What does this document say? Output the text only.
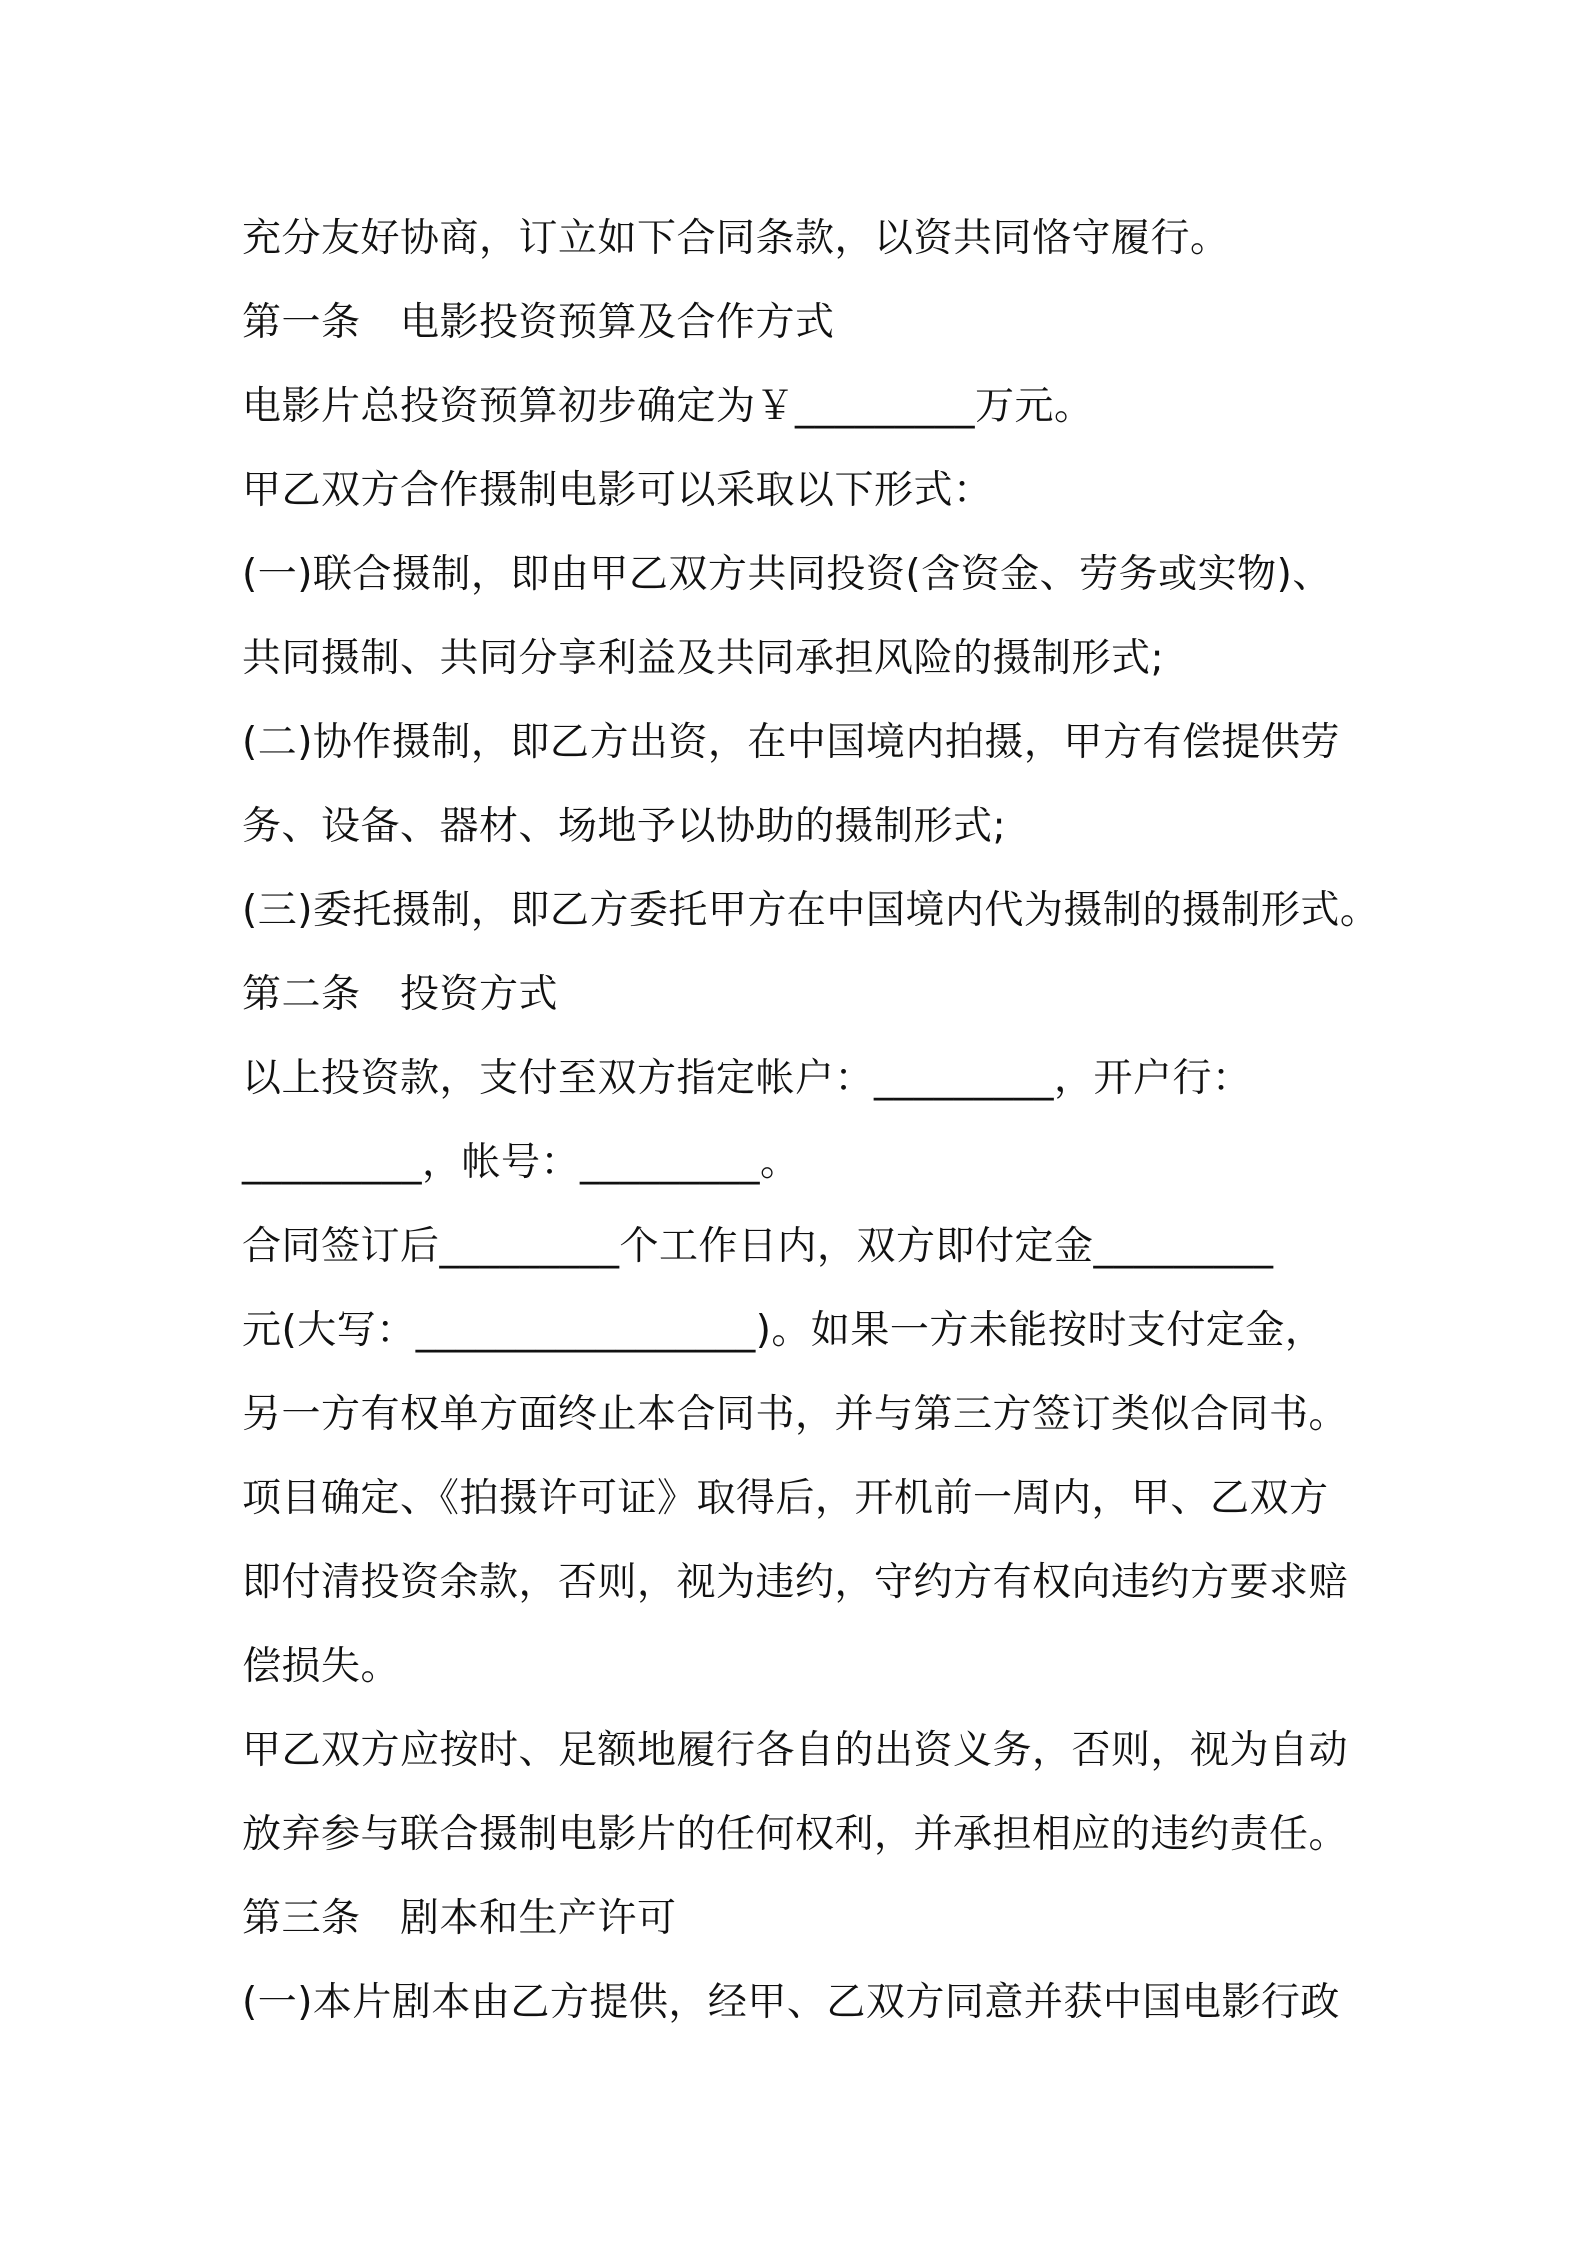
充分友好协商，订立如下合同条款，以资共同恪守履行。
第一条　电影投资预算及合作方式
电影片总投资预算初步确定为￥_________万元。
甲乙双方合作摄制电影可以采取以下形式：
(一)联合摄制，即由甲乙双方共同投资(含资金、劳务或实物)、
共同摄制、共同分享利益及共同承担风险的摄制形式;
(二)协作摄制，即乙方出资，在中国境内拍摄，甲方有偿提供劳
务、设备、器材、场地予以协助的摄制形式;
(三)委托摄制，即乙方委托甲方在中国境内代为摄制的摄制形式。
第二条　投资方式
以上投资款，支付至双方指定帐户：_________，开户行：
_________，帐号：_________。
合同签订后_________个工作日内，双方即付定金_________
元(大写：_________________)。如果一方未能按时支付定金，
另一方有权单方面终止本合同书，并与第三方签订类似合同书。
项目确定、《拍摄许可证》取得后，开机前一周内，甲、乙双方
即付清投资余款，否则，视为违约，守约方有权向违约方要求赔
偿损失。
甲乙双方应按时、足额地履行各自的出资义务，否则，视为自动
放弃参与联合摄制电影片的任何权利，并承担相应的违约责任。
第三条　剧本和生产许可
(一)本片剧本由乙方提供，经甲、乙双方同意并获中国电影行政
